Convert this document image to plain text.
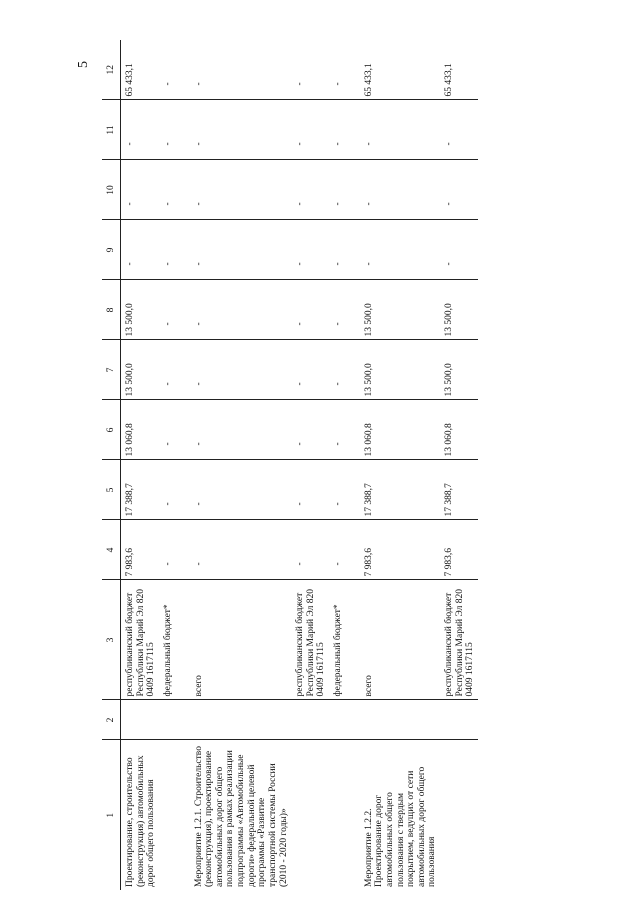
5
1	2	3	4	5	6	7	8	9	10	11	12
Проектирование, строительство (реконструкция) автомобильных дорог общего пользования		республиканский бюджет Республики Марий Эл 820 0409 1617115	7 983,6	17 388,7	13 060,8	13 500,0	13 500,0	-	-	-	65 433,1
		федеральный бюджет*	-	-	-	-	-	-	-	-	-

Мероприятие 1.2.1. Строительство (реконструкция), проектирование автомобильных дорог общего пользования в рамках реализации подпрограммы «Автомобильные дороги» федеральной целевой программы «Развитие транспортной системы России (2010 - 2020 годы)»		всего	-	-	-	-	-	-	-	-	-
		республиканский бюджет Республики Марий Эл 820 0409 1617115	-	-	-	-	-	-	-	-	-
		федеральный бюджет*	-	-	-	-	-	-	-	-	-

Мероприятие 1.2.2. Проектирование дорог автомобильных общего пользования с твердым покрытием, ведущих от сети автомобильных дорог общего пользования		всего	7 983,6	17 388,7	13 060,8	13 500,0	13 500,0	-	-	-	65 433,1
		республиканский бюджет Республики Марий Эл 820 0409 1617115	7 983,6	17 388,7	13 060,8	13 500,0	13 500,0	-	-	-	65 433,1
